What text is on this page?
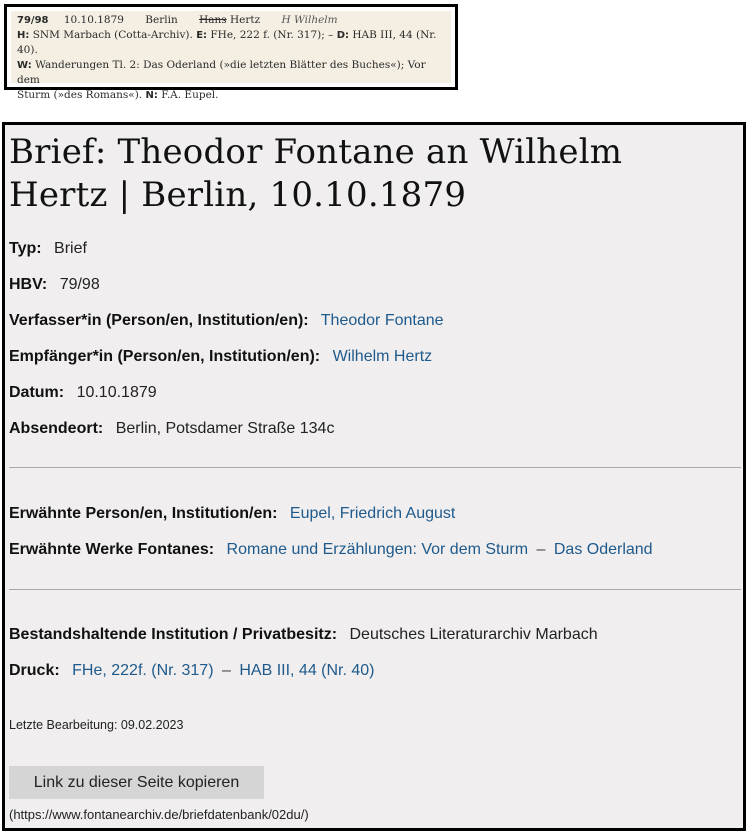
79/98 10.10.1879 Berlin Hans Hertz H Wilhelm
H: SNM Marbach (Cotta-Archiv). E: FHe, 222 f. (Nr. 317); – D: HAB III, 44 (Nr. 40).
W: Wanderungen Tl. 2: Das Oderland (»die letzten Blätter des Buches«); Vor dem
Sturm (»des Romans«). N: F.A. Eupel.
Brief: Theodor Fontane an Wilhelm Hertz | Berlin, 10.10.1879
Typ: Brief
HBV: 79/98
Verfasser*in (Person/en, Institution/en): Theodor Fontane
Empfänger*in (Person/en, Institution/en): Wilhelm Hertz
Datum: 10.10.1879
Absendeort: Berlin, Potsdamer Straße 134c
Erwähnte Person/en, Institution/en: Eupel, Friedrich August
Erwähnte Werke Fontanes: Romane und Erzählungen: Vor dem Sturm – Das Oderland
Bestandshaltende Institution / Privatbesitz: Deutsches Literaturarchiv Marbach
Druck: FHe, 222f. (Nr. 317) – HAB III, 44 (Nr. 40)
Letzte Bearbeitung: 09.02.2023
Link zu dieser Seite kopieren
(https://www.fontanearchiv.de/briefdatenbank/02du/)
